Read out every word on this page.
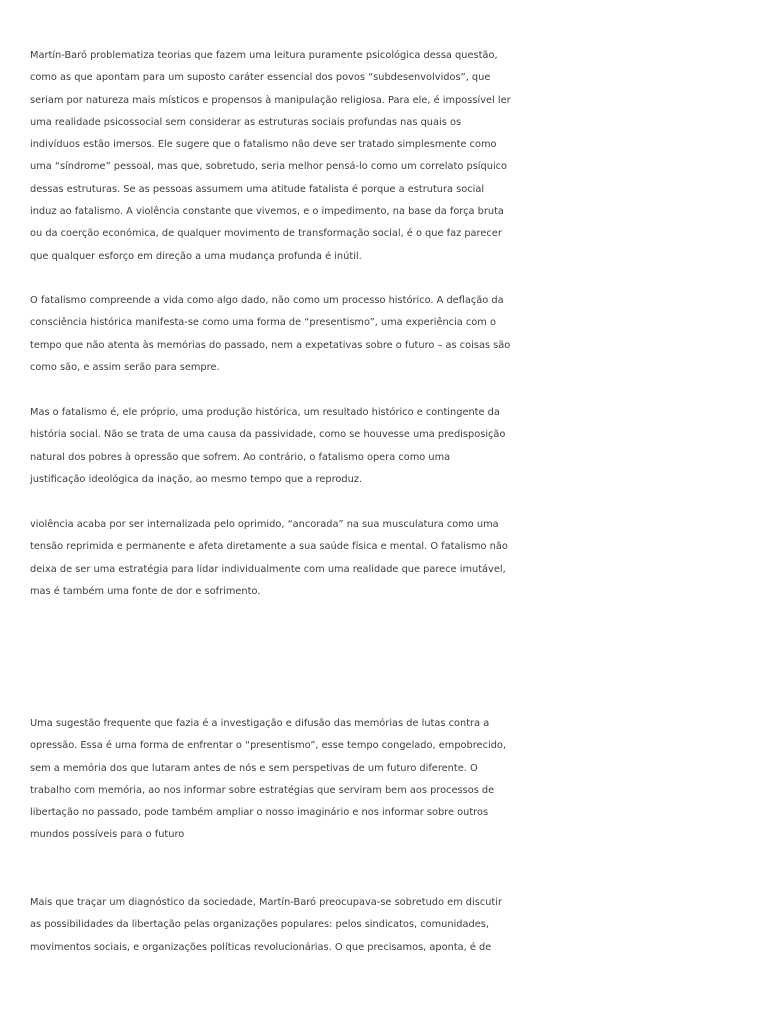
Martín-Baró problematiza teorias que fazem uma leitura puramente psicológica dessa questão,
como as que apontam para um suposto caráter essencial dos povos “subdesenvolvidos”, que
seriam por natureza mais místicos e propensos à manipulação religiosa. Para ele, é impossível ler
uma realidade psicossocial sem considerar as estruturas sociais profundas nas quais os
indivíduos estão imersos. Ele sugere que o fatalismo não deve ser tratado simplesmente como
uma “síndrome” pessoal, mas que, sobretudo, seria melhor pensá-lo como um correlato psíquico
dessas estruturas. Se as pessoas assumem uma atitude fatalista é porque a estrutura social
induz ao fatalismo. A violência constante que vivemos, e o impedimento, na base da força bruta
ou da coerção económica, de qualquer movimento de transformação social, é o que faz parecer
que qualquer esforço em direção a uma mudança profunda é inútil.
O fatalismo compreende a vida como algo dado, não como um processo histórico. A deflação da
consciência histórica manifesta-se como uma forma de “presentismo”, uma experiência com o
tempo que não atenta às memórias do passado, nem a expetativas sobre o futuro – as coisas são
como são, e assim serão para sempre.
Mas o fatalismo é, ele próprio, uma produção histórica, um resultado histórico e contingente da
história social. Não se trata de uma causa da passividade, como se houvesse uma predisposição
natural dos pobres à opressão que sofrem. Ao contrário, o fatalismo opera como uma
justificação ideológica da inação, ao mesmo tempo que a reproduz.
violência acaba por ser internalizada pelo oprimido, “ancorada” na sua musculatura como uma
tensão reprimida e permanente e afeta diretamente a sua saúde física e mental. O fatalismo não
deixa de ser uma estratégia para lidar individualmente com uma realidade que parece imutável,
mas é também uma fonte de dor e sofrimento.
Uma sugestão frequente que fazia é a investigação e difusão das memórias de lutas contra a
opressão. Essa é uma forma de enfrentar o “presentismo”, esse tempo congelado, empobrecido,
sem a memória dos que lutaram antes de nós e sem perspetivas de um futuro diferente. O
trabalho com memória, ao nos informar sobre estratégias que serviram bem aos processos de
libertação no passado, pode também ampliar o nosso imaginário e nos informar sobre outros
mundos possíveis para o futuro
Mais que traçar um diagnóstico da sociedade, Martín-Baró preocupava-se sobretudo em discutir
as possibilidades da libertação pelas organizações populares: pelos sindicatos, comunidades,
movimentos sociais, e organizações políticas revolucionárias. O que precisamos, aponta, é de
